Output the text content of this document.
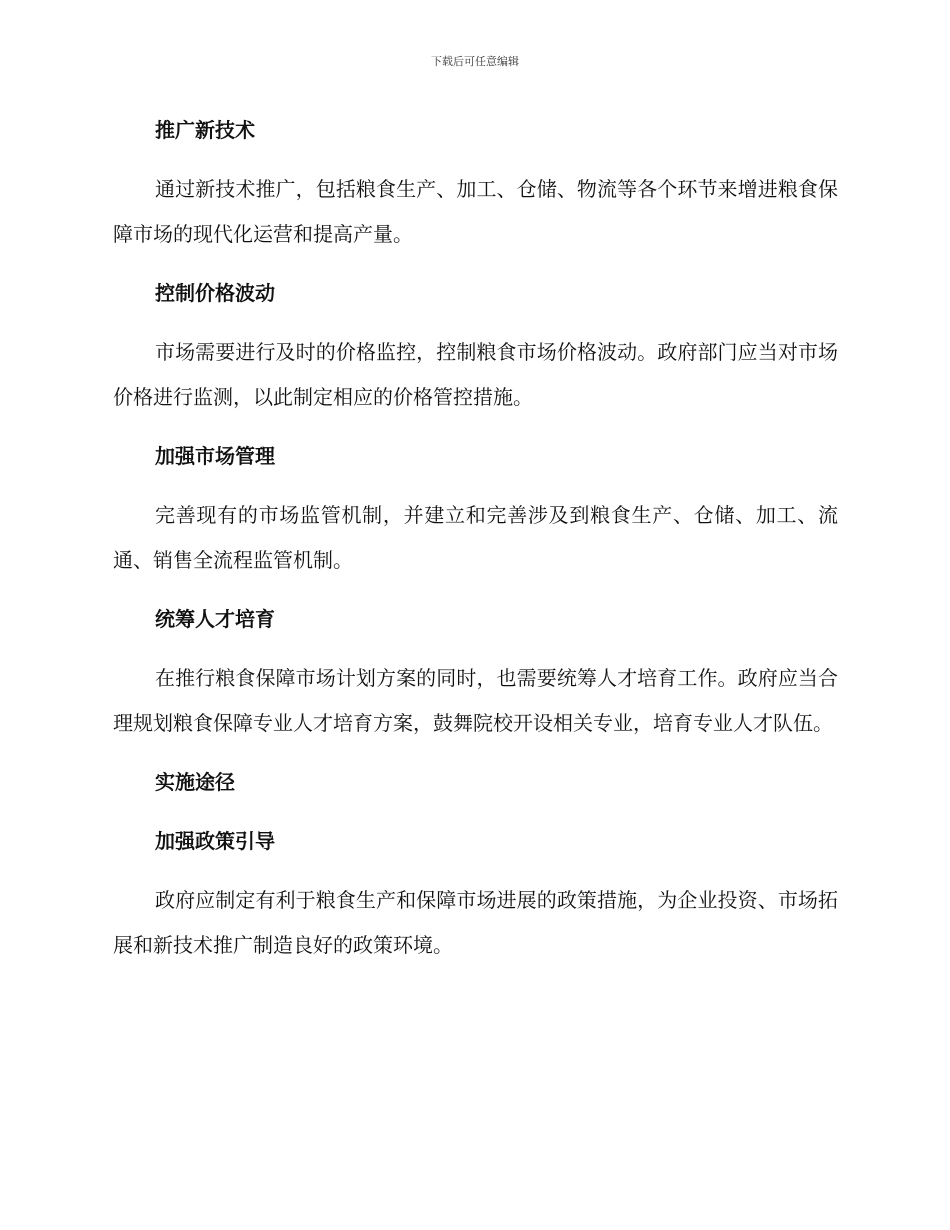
下载后可任意编辑
推广新技术

通过新技术推广，包括粮食生产、加工、仓储、物流等各个环节来增进粮食保障市场的现代化运营和提高产量。

控制价格波动

市场需要进行及时的价格监控，控制粮食市场价格波动。政府部门应当对市场价格进行监测，以此制定相应的价格管控措施。

加强市场管理

完善现有的市场监管机制，并建立和完善涉及到粮食生产、仓储、加工、流通、销售全流程监管机制。

统筹人才培育

在推行粮食保障市场计划方案的同时，也需要统筹人才培育工作。政府应当合理规划粮食保障专业人才培育方案，鼓舞院校开设相关专业，培育专业人才队伍。

实施途径
加强政策引导

政府应制定有利于粮食生产和保障市场进展的政策措施，为企业投资、市场拓展和新技术推广制造良好的政策环境。
